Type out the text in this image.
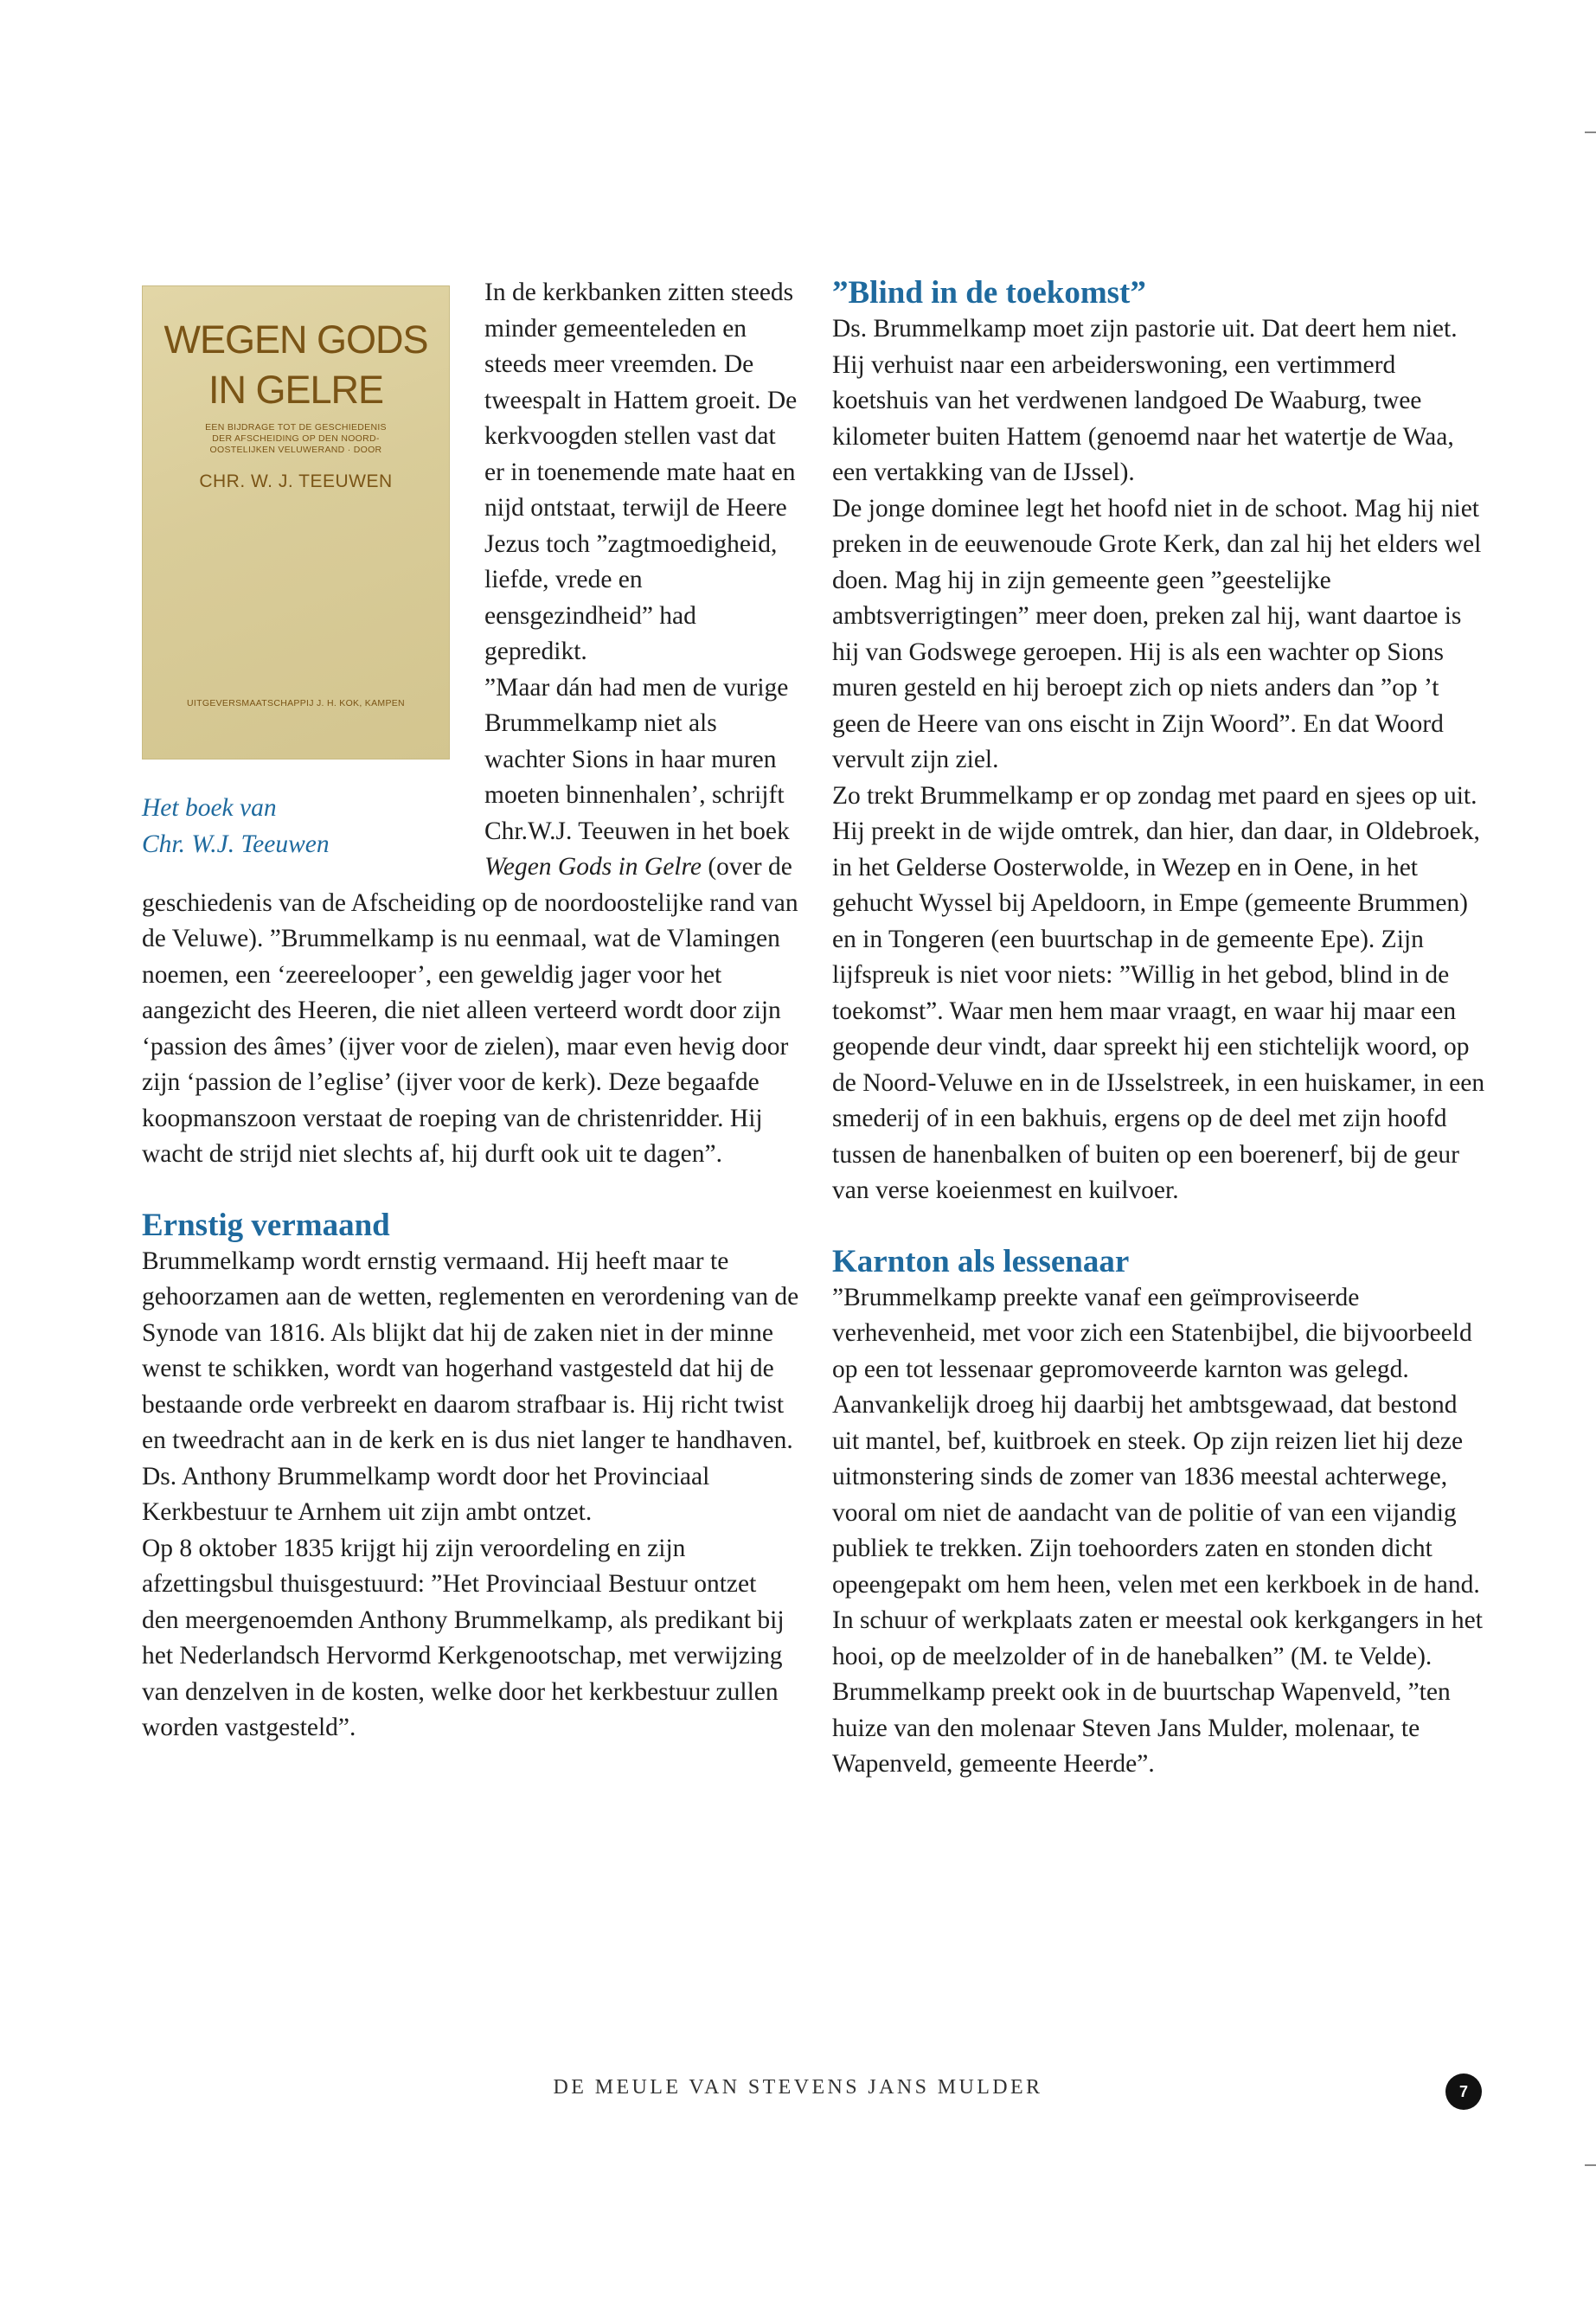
WEGEN GODS
IN GELRE
EEN BIJDRAGE TOT DE GESCHIEDENIS
DER AFSCHEIDING OP DEN NOORD-
OOSTELIJKEN VELUWERAND · DOOR
CHR. W. J. TEEUWEN
UITGEVERSMAATSCHAPPIJ J. H. KOK, KAMPEN
Het boek van
Chr. W.J. Teeuwen

In de kerkbanken zitten steeds minder gemeenteleden en steeds meer vreemden. De tweespalt in Hattem groeit. De kerkvoogden stellen vast dat er in toenemende mate haat en nijd ontstaat, terwijl de Heere Jezus toch ”zagtmoedigheid, liefde, vrede en eensgezindheid” had gepredikt.

”Maar dán had men de vurige Brummelkamp niet als wachter Sions in haar muren moeten binnenhalen’, schrijft Chr.W.J. Teeuwen in het boek Wegen Gods in Gelre (over de geschiedenis van de Afscheiding op de noordoostelijke rand van de Veluwe). ”Brummelkamp is nu eenmaal, wat de Vlamingen noemen, een ‘zeereelooper’, een geweldig jager voor het aangezicht des Heeren, die niet alleen verteerd wordt door zijn ‘passion des âmes’ (ijver voor de zielen), maar even hevig door zijn ‘passion de l’eglise’ (ijver voor de kerk). Deze begaafde koopmanszoon verstaat de roeping van de christenridder. Hij wacht de strijd niet slechts af, hij durft ook uit te dagen”.

Ernstig vermaand

Brummelkamp wordt ernstig vermaand. Hij heeft maar te gehoorzamen aan de wetten, reglementen en verordening van de Synode van 1816. Als blijkt dat hij de zaken niet in der minne wenst te schikken, wordt van hogerhand vastgesteld dat hij de bestaande orde verbreekt en daarom strafbaar is. Hij richt twist en tweedracht aan in de kerk en is dus niet langer te handhaven. Ds. Anthony Brummelkamp wordt door het Provinciaal Kerkbestuur te Arnhem uit zijn ambt ontzet.

Op 8 oktober 1835 krijgt hij zijn veroordeling en zijn afzettingsbul thuisgestuurd: ”Het Provinciaal Bestuur ontzet den meergenoemden Anthony Brummelkamp, als predikant bij het Nederlandsch Hervormd Kerkgenootschap, met verwijzing van denzelven in de kosten, welke door het kerkbestuur zullen worden vastgesteld”.

”Blind in de toekomst”

Ds. Brummelkamp moet zijn pastorie uit. Dat deert hem niet. Hij verhuist naar een arbeiderswoning, een vertimmerd koetshuis van het verdwenen landgoed De Waaburg, twee kilometer buiten Hattem (genoemd naar het watertje de Waa, een vertakking van de IJssel).

De jonge dominee legt het hoofd niet in de schoot. Mag hij niet preken in de eeuwenoude Grote Kerk, dan zal hij het elders wel doen. Mag hij in zijn gemeente geen ”geestelijke ambtsverrigtingen” meer doen, preken zal hij, want daartoe is hij van Godswege geroepen. Hij is als een wachter op Sions muren gesteld en hij beroept zich op niets anders dan ”op ’t geen de Heere van ons eischt in Zijn Woord”. En dat Woord vervult zijn ziel.

Zo trekt Brummelkamp er op zondag met paard en sjees op uit. Hij preekt in de wijde omtrek, dan hier, dan daar, in Oldebroek, in het Gelderse Oosterwolde, in Wezep en in Oene, in het gehucht Wyssel bij Apeldoorn, in Empe (gemeente Brummen) en in Tongeren (een buurtschap in de gemeente Epe). Zijn lijfspreuk is niet voor niets: ”Willig in het gebod, blind in de toekomst”. Waar men hem maar vraagt, en waar hij maar een geopende deur vindt, daar spreekt hij een stichtelijk woord, op de Noord-Veluwe en in de IJsselstreek, in een huiskamer, in een smederij of in een bakhuis, ergens op de deel met zijn hoofd tussen de hanenbalken of buiten op een boerenerf, bij de geur van verse koeienmest en kuilvoer.

Karnton als lessenaar

”Brummelkamp preekte vanaf een geïmproviseerde verhevenheid, met voor zich een Statenbijbel, die bijvoorbeeld op een tot lessenaar gepromoveerde karnton was gelegd. Aanvankelijk droeg hij daarbij het ambtsgewaad, dat bestond uit mantel, bef, kuitbroek en steek. Op zijn reizen liet hij deze uitmonstering sinds de zomer van 1836 meestal achterwege, vooral om niet de aandacht van de politie of van een vijandig publiek te trekken. Zijn toehoorders zaten en stonden dicht opeengepakt om hem heen, velen met een kerkboek in de hand. In schuur of werkplaats zaten er meestal ook kerkgangers in het hooi, op de meelzolder of in de hanebalken” (M. te Velde).

Brummelkamp preekt ook in de buurtschap Wapenveld, ”ten huize van den molenaar Steven Jans Mulder, molenaar, te Wapenveld, gemeente Heerde”.

DE MEULE VAN STEVENS JANS MULDER	7
